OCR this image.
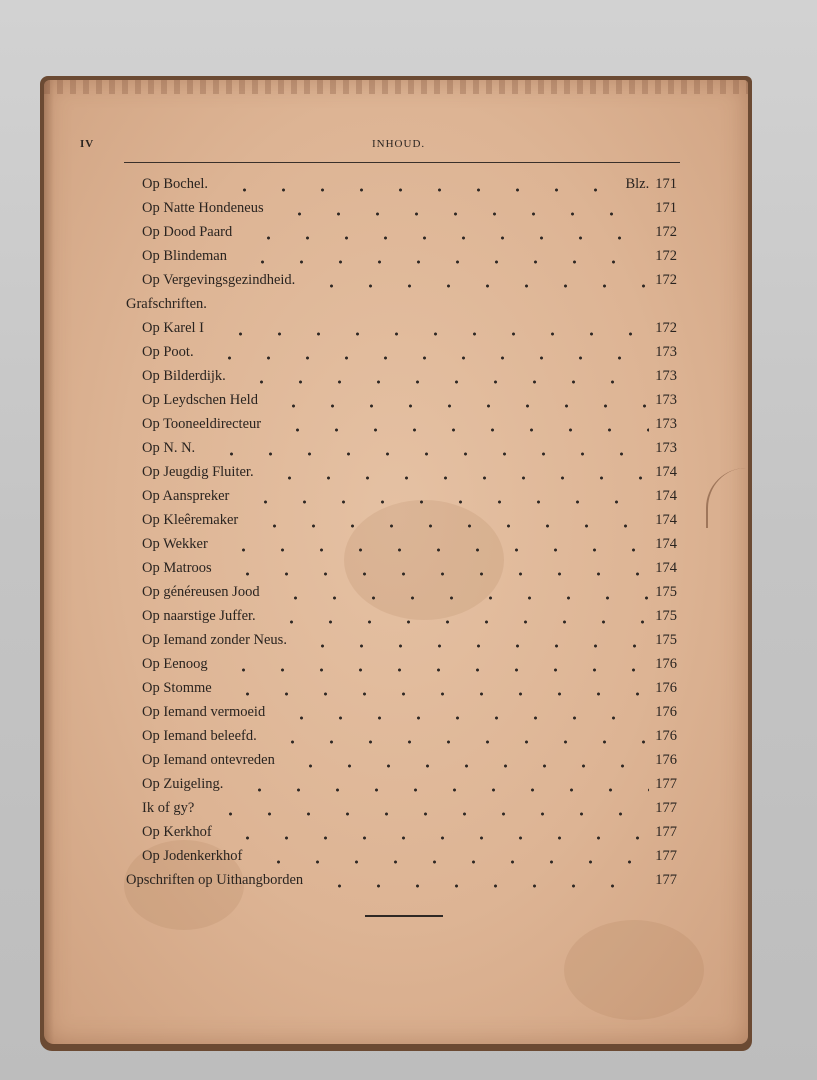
IV	INHOUD.
Op Bochel.	Blz. 171
Op Natte Hondeneus	171
Op Dood Paard	172
Op Blindeman	172
Op Vergevingsgezindheid.	172
Grafschriften.
Op Karel I	172
Op Poot.	173
Op Bilderdijk.	173
Op Leydschen Held	173
Op Tooneeldirecteur	173
Op N. N.	173
Op Jeugdig Fluiter.	174
Op Aanspreker	174
Op Kleêremaker	174
Op Wekker	174
Op Matroos	174
Op généreusen Jood	175
Op naarstige Juffer.	175
Op Iemand zonder Neus.	175
Op Eenoog	176
Op Stomme	176
Op Iemand vermoeid	176
Op Iemand beleefd.	176
Op Iemand ontevreden	176
Op Zuigeling.	177
Ik of gy?	177
Op Kerkhof	177
Op Jodenkerkhof	177
Opschriften op Uithangborden	177
